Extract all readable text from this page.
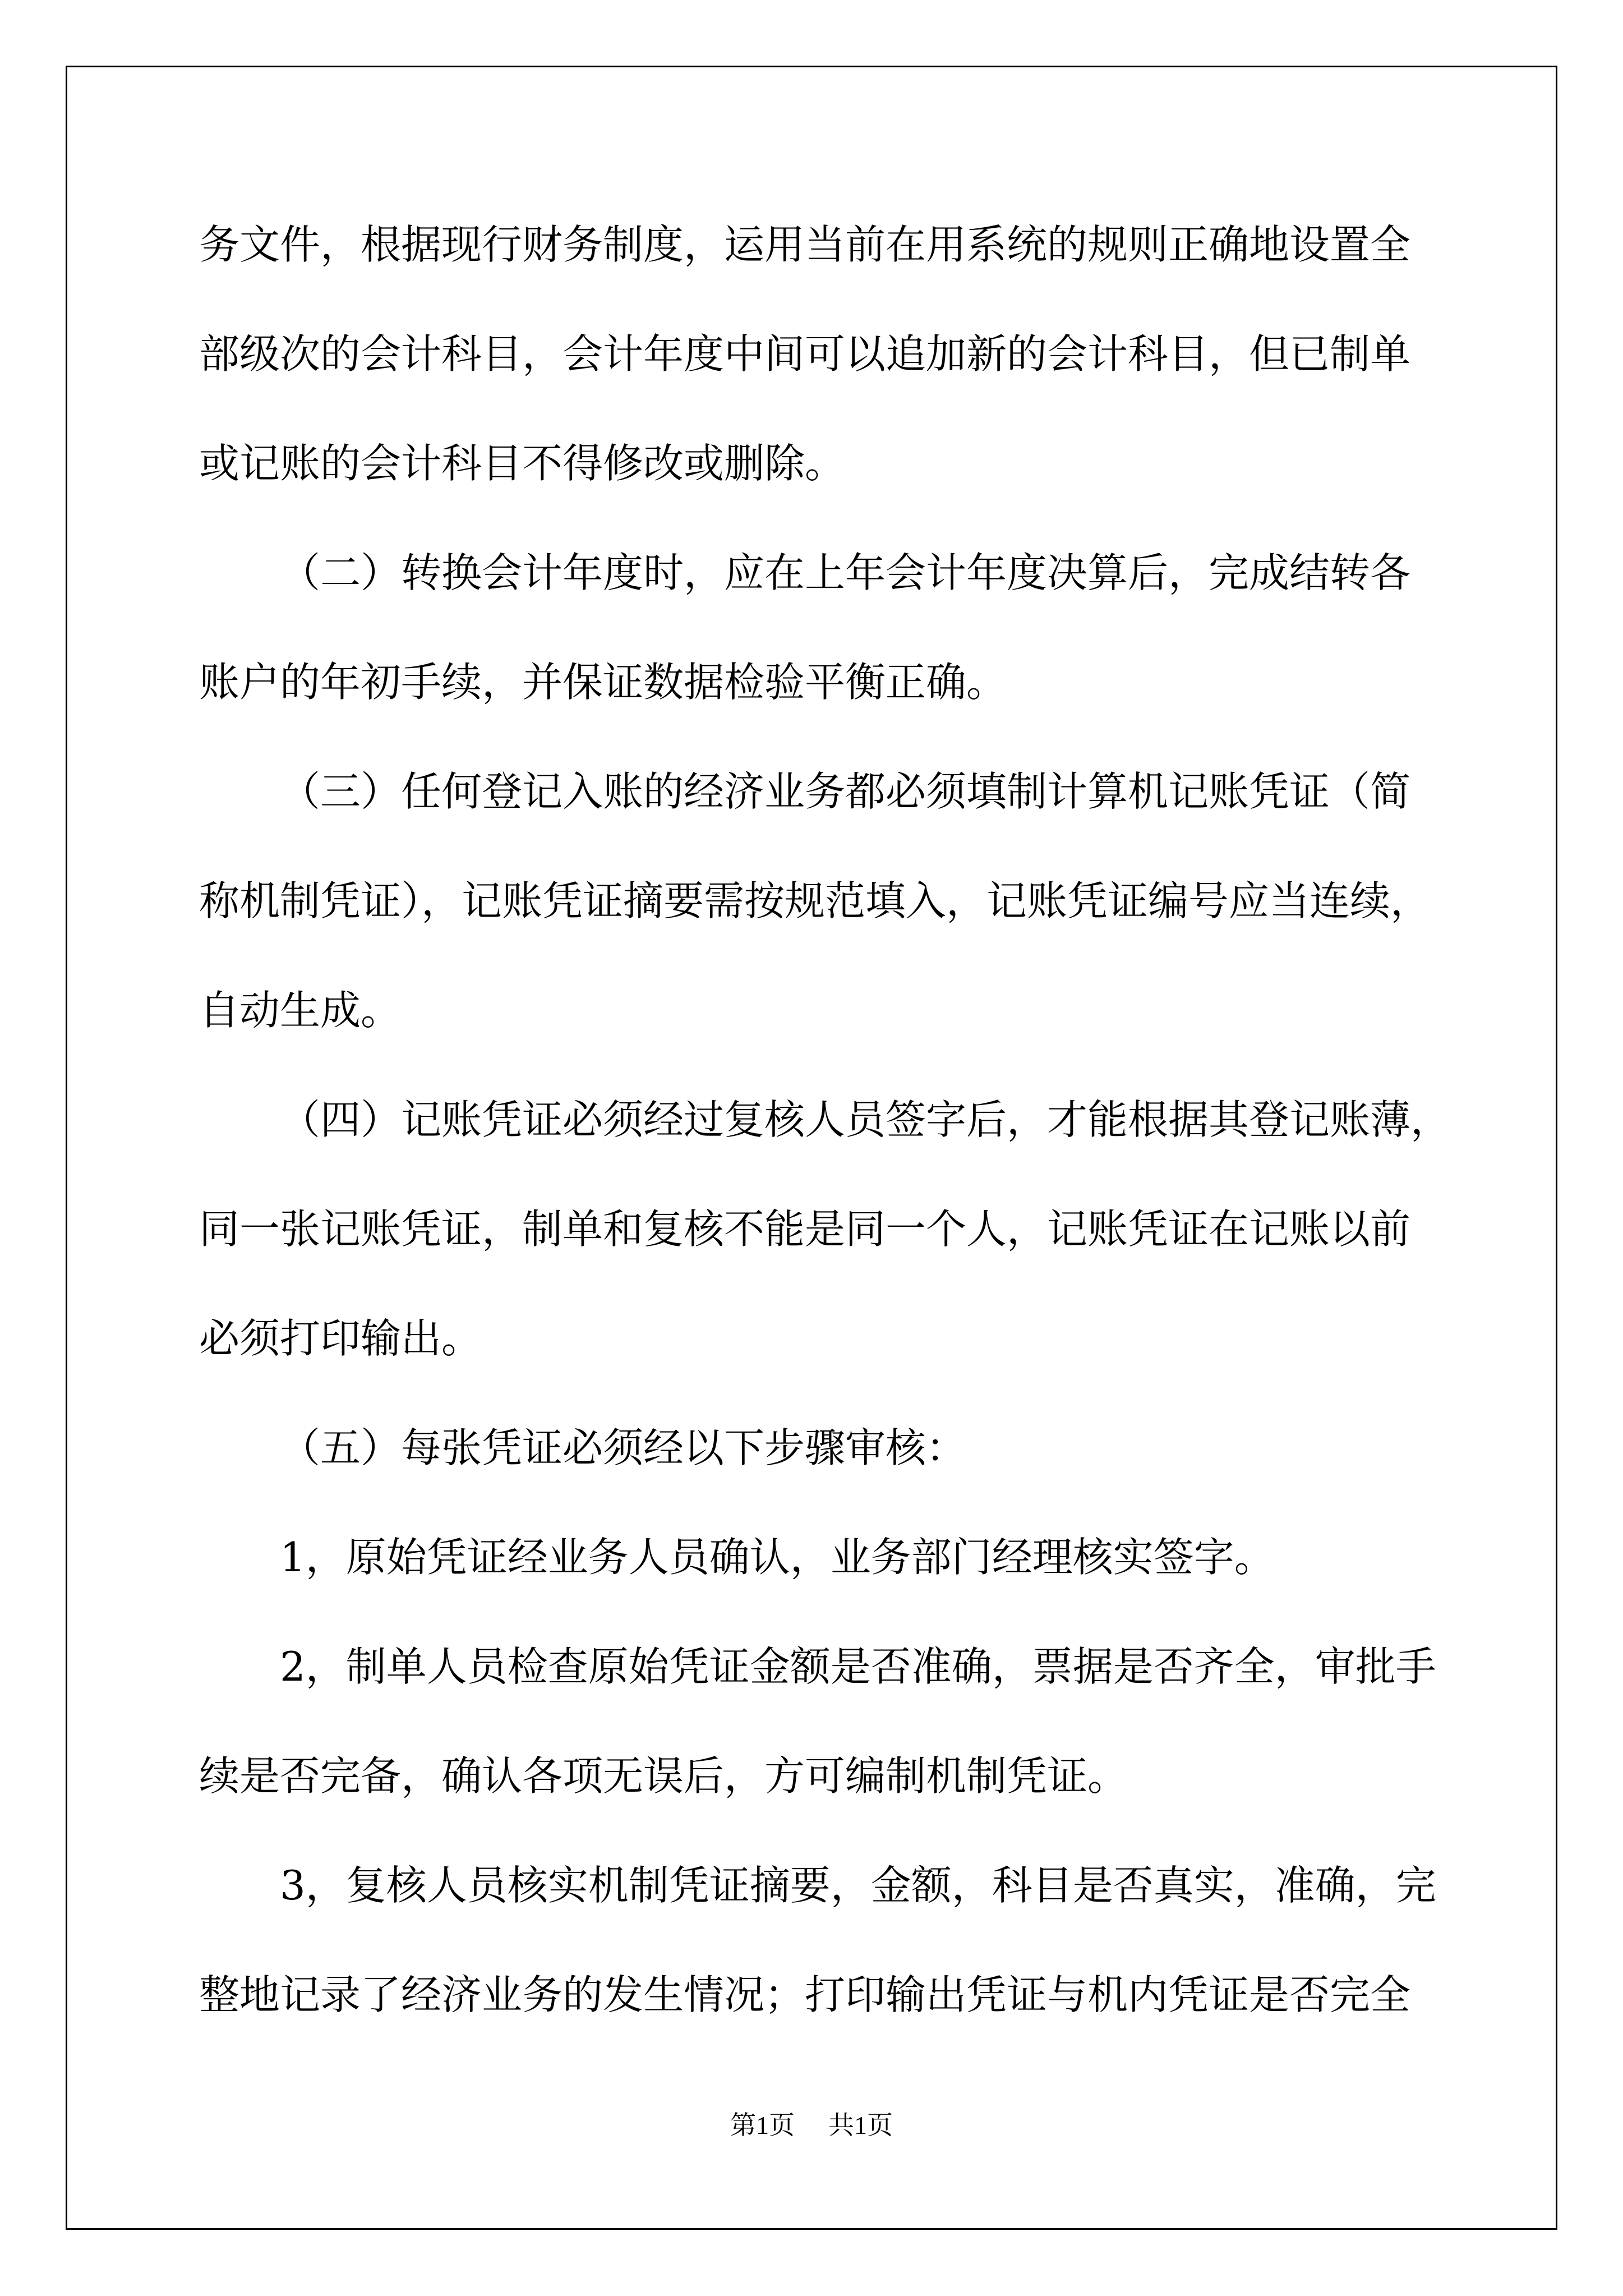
务文件，根据现行财务制度，运用当前在用系统的规则正确地设置全
部级次的会计科目，会计年度中间可以追加新的会计科目，但已制单
或记账的会计科目不得修改或删除。
（二）转换会计年度时，应在上年会计年度决算后，完成结转各
账户的年初手续，并保证数据检验平衡正确。
（三）任何登记入账的经济业务都必须填制计算机记账凭证（简
称机制凭证），记账凭证摘要需按规范填入，记账凭证编号应当连续，
自动生成。
（四）记账凭证必须经过复核人员签字后，才能根据其登记账薄，
同一张记账凭证，制单和复核不能是同一个人，记账凭证在记账以前
必须打印输出。
（五）每张凭证必须经以下步骤审核：
1，原始凭证经业务人员确认，业务部门经理核实签字。
2，制单人员检查原始凭证金额是否准确，票据是否齐全，审批手
续是否完备，确认各项无误后，方可编制机制凭证。
3，复核人员核实机制凭证摘要，金额，科目是否真实，准确，完
整地记录了经济业务的发生情况；打印输出凭证与机内凭证是否完全
第1页 共1页
